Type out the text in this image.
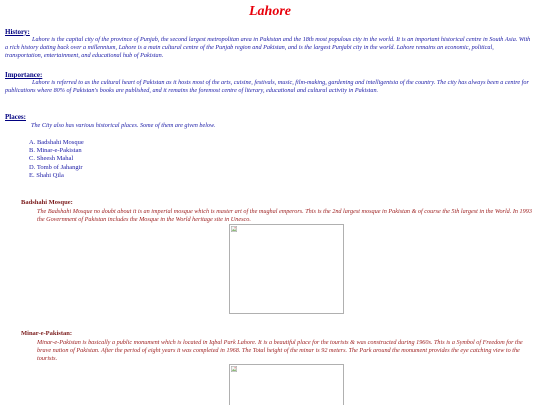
Lahore
History:
Lahore is the capital city of the province of Punjab, the second largest metropolitan area in Pakistan and the 18th most populous city in the world. It is an important historical centre in South Asia. With a rich history dating back over a millennium, Lahore is a main cultural centre of the Punjab region and Pakistan, and is the largest Punjabi city in the world. Lahore remains an economic, political, transportation, entertainment, and educational hub of Pakistan.
Importance:
Lahore is referred to as the cultural heart of Pakistan as it hosts most of the arts, cuisine, festivals, music, film-making, gardening and intelligentsia of the country. The city has always been a centre for publications where 80% of Pakistan's books are published, and it remains the foremost centre of literary, educational and cultural activity in Pakistan.
Places:
The City also has various historical places. Some of them are given below.
A. Badshahi Mosque
B. Minar-e-Pakistan
C. Sheesh Mahal
D. Tomb of Jahangir
E. Shahi Qila
Badshahi Mosque:
The Badshahi Mosque no doubt about it is an imperial mosque which is master art of the mughal emperors. This is the 2nd largest mosque in Pakistan & of course the 5th largest in the World. In 1993 the Government of Pakistan includes the Mosque in the World heritage site in Unesco.
Minar-e-Pakistan:
Minar-e-Pakistan is basically a public monument which is located in Iqbal Park Lahore. It is a beautiful place for the tourists & was constructed during 1960s. This is a Symbol of Freedom for the brave nation of Pakistan. After the period of eight years it was completed in 1968. The Total height of the minar is 92 meters. The Park around the monument provides the eye catching view to the tourists.
